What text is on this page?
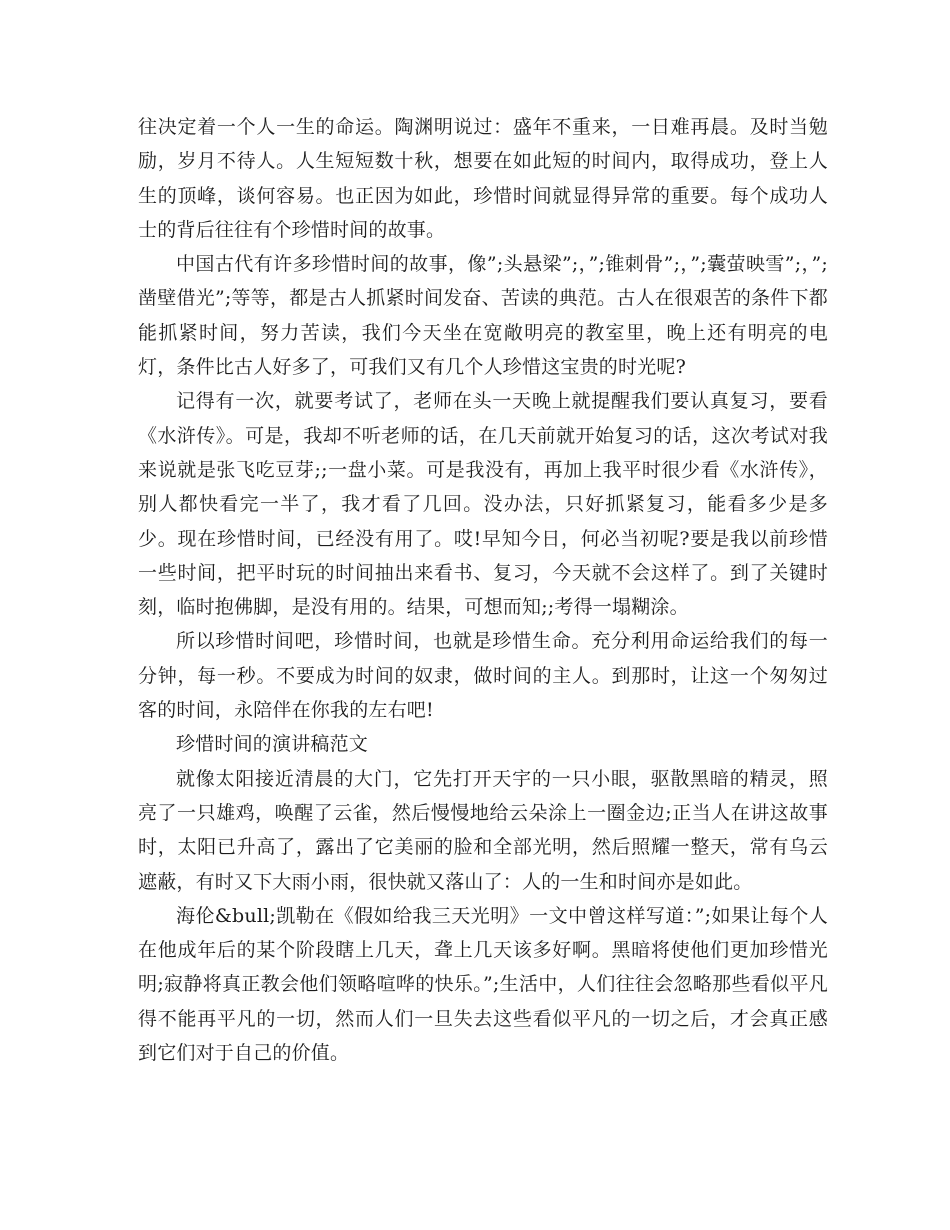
往决定着一个人一生的命运。陶渊明说过：盛年不重来，一日难再晨。及时当勉励，岁月不待人。人生短短数十秋，想要在如此短的时间内，取得成功，登上人生的顶峰，谈何容易。也正因为如此，珍惜时间就显得异常的重要。每个成功人士的背后往往有个珍惜时间的故事。

中国古代有许多珍惜时间的故事，像”;头悬梁”;，”;锥刺骨”;，”;囊萤映雪”;，”;凿壁借光”;等等，都是古人抓紧时间发奋、苦读的典范。古人在很艰苦的条件下都能抓紧时间，努力苦读，我们今天坐在宽敞明亮的教室里，晚上还有明亮的电灯，条件比古人好多了，可我们又有几个人珍惜这宝贵的时光呢?

记得有一次，就要考试了，老师在头一天晚上就提醒我们要认真复习，要看《水浒传》。可是，我却不听老师的话，在几天前就开始复习的话，这次考试对我来说就是张飞吃豆芽;;一盘小菜。可是我没有，再加上我平时很少看《水浒传》，别人都快看完一半了，我才看了几回。没办法，只好抓紧复习，能看多少是多少。现在珍惜时间，已经没有用了。哎!早知今日，何必当初呢?要是我以前珍惜一些时间，把平时玩的时间抽出来看书、复习，今天就不会这样了。到了关键时刻，临时抱佛脚，是没有用的。结果，可想而知;;考得一塌糊涂。

所以珍惜时间吧，珍惜时间，也就是珍惜生命。充分利用命运给我们的每一分钟，每一秒。不要成为时间的奴隶，做时间的主人。到那时，让这一个匆匆过客的时间，永陪伴在你我的左右吧!

珍惜时间的演讲稿范文

就像太阳接近清晨的大门，它先打开天宇的一只小眼，驱散黑暗的精灵，照亮了一只雄鸡，唤醒了云雀，然后慢慢地给云朵涂上一圈金边;正当人在讲这故事时，太阳已升高了，露出了它美丽的脸和全部光明，然后照耀一整天，常有乌云遮蔽，有时又下大雨小雨，很快就又落山了：人的一生和时间亦是如此。

海伦&bull;凯勒在《假如给我三天光明》一文中曾这样写道：”;如果让每个人在他成年后的某个阶段瞎上几天，聋上几天该多好啊。黑暗将使他们更加珍惜光明;寂静将真正教会他们领略喧哗的快乐。”;生活中，人们往往会忽略那些看似平凡得不能再平凡的一切，然而人们一旦失去这些看似平凡的一切之后，才会真正感到它们对于自己的价值。
